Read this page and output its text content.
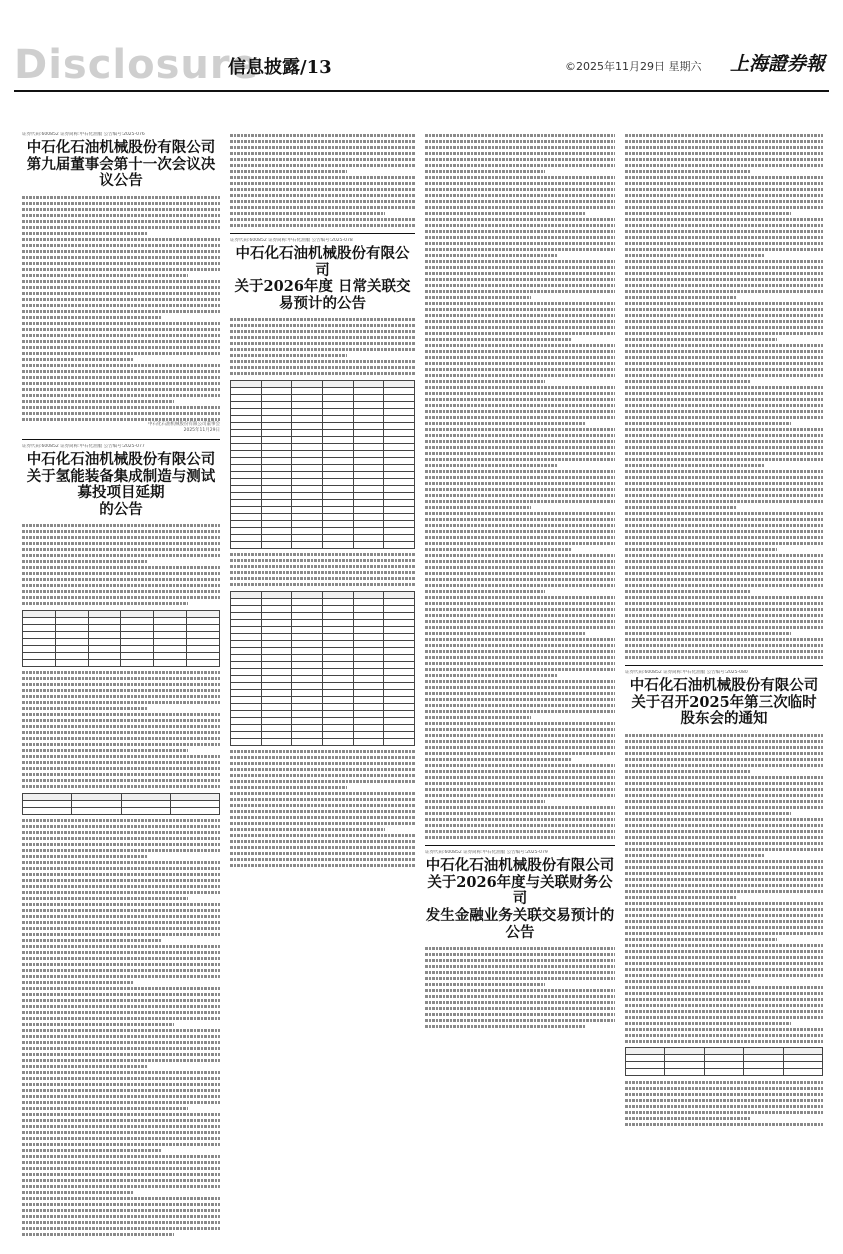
Disclosure
信息披露/13	©2025年11月29日 星期六 上海證券報
证券代码:600852 证券简称:中石化油服 公告编号:2025-076
中石化石油机械股份有限公司
第九届董事会第十一次会议决议公告
中石化石油机械股份有限公司董事会
2025年11月29日
证券代码:600852 证券简称:中石化油服 公告编号:2025-077
中石化石油机械股份有限公司
关于氢能装备集成制造与测试募投项目延期
的公告

证券代码:600852 证券简称:中石化油服 公告编号:2025-078
中石化石油机械股份有限公司
关于2026年度 日常关联交易预计的公告

证券代码:600852 证券简称:中石化油服 公告编号:2025-079
中石化石油机械股份有限公司
关于2026年度与关联财务公司
发生金融业务关联交易预计的公告
证券代码:600852 证券简称:中石化油服 公告编号:2025-080
中石化石油机械股份有限公司
关于召开2025年第三次临时股东会的通知
